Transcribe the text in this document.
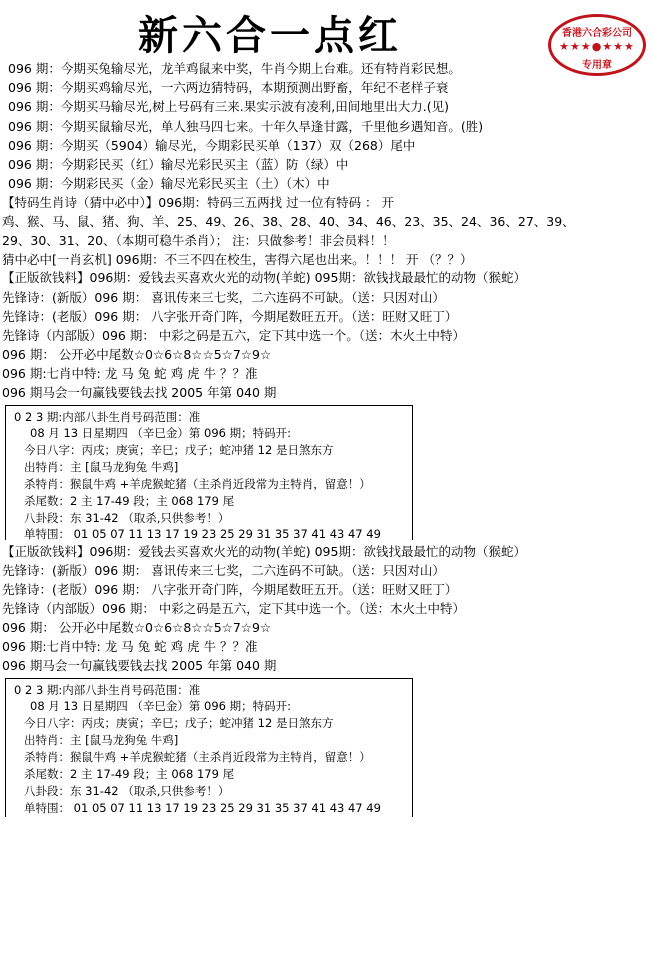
新六合一点红	香港六合彩公司
★★★●★★★
专用章
096 期：今期买兔输尽光，龙羊鸡鼠来中奖，牛肖今期上台难。还有特肖彩民想。
096 期：今期买鸡输尽光，一六两边猜特码，本期预测出野畜，年纪不老样子衰
096 期：今期买马输尽光,树上号码有三来.果实示波有凌利,田间地里出大力.(见)
096 期：今期买鼠输尽光，单人独马四七来。十年久旱逢甘露，千里他乡遇知音。(胜)
096 期：今期买（5904）输尽光，今期彩民买单（137）双（268）尾中
096 期：今期彩民买（红）输尽光彩民买主（蓝）防（绿）中
096 期：今期彩民买（金）输尽光彩民买主（土）（木）中
【特码生肖诗（猜中必中）】096期：特码三五两找 过一位有特码 ： 开
鸡、猴、马、鼠、猪、狗、羊、25、49、26、38、28、40、34、46、23、35、24、36、27、39、
29、30、31、20、（本期可稳牛杀肖）； 注：只做参考！非会员料！！
猜中必中[一肖玄机] 096期：不三不四在校生，害得六尾也出来。！！！ 开 （？？）
【正版欲钱料】096期：爱钱去买喜欢火光的动物(羊蛇) 095期：欲钱找最最忙的动物（猴蛇）
先锋诗：(新版）096 期： 喜讯传来三七奖，二六连码不可缺。（送：只因对山）
先锋诗：(老版）096 期： 八字张开奇门阵，今期尾数旺五开。（送：旺财又旺丁）
先锋诗（内部版）096 期： 中彩之码是五六，定下其中选一个。（送：木火土中特）
096 期： 公开必中尾数☆0☆6☆8☆☆5☆7☆9☆
096 期:七肖中特: 龙 马 兔 蛇 鸡 虎 牛 ？？准
096 期马会一句赢钱要钱去找 2005 年第 040 期
0 2 3 期:内部八卦生肖号码范围：准
08 月 13 日星期四 （辛巳金）第 096 期；特码开:
今日八字：丙戌；庚寅；辛巳；戊子；蛇冲猪 12 是日煞东方
出特肖：主 [鼠马龙狗兔 牛鸡]
杀特肖：猴鼠牛鸡 +羊虎猴蛇猪（主杀肖近段常为主特肖，留意！）
杀尾数：2 主 17-49 段；主 068 179 尾
八卦段：东 31-42 （取杀,只供参考！）
单特围： 01 05 07 11 13 17 19 23 25 29 31 35 37 41 43 47 49
【正版欲钱料】096期：爱钱去买喜欢火光的动物(羊蛇) 095期：欲钱找最最忙的动物（猴蛇）
先锋诗：(新版）096 期： 喜讯传来三七奖，二六连码不可缺。（送：只因对山）
先锋诗：(老版）096 期： 八字张开奇门阵，今期尾数旺五开。（送：旺财又旺丁）
先锋诗（内部版）096 期： 中彩之码是五六，定下其中选一个。（送：木火土中特）
096 期： 公开必中尾数☆0☆6☆8☆☆5☆7☆9☆
096 期:七肖中特: 龙 马 兔 蛇 鸡 虎 牛 ？？准
096 期马会一句赢钱要钱去找 2005 年第 040 期
0 2 3 期:内部八卦生肖号码范围：准
08 月 13 日星期四 （辛巳金）第 096 期；特码开:
今日八字：丙戌；庚寅；辛巳；戊子；蛇冲猪 12 是日煞东方
出特肖：主 [鼠马龙狗兔 牛鸡]
杀特肖：猴鼠牛鸡 +羊虎猴蛇猪（主杀肖近段常为主特肖，留意！）
杀尾数：2 主 17-49 段；主 068 179 尾
八卦段：东 31-42 （取杀,只供参考！）
单特围： 01 05 07 11 13 17 19 23 25 29 31 35 37 41 43 47 49
